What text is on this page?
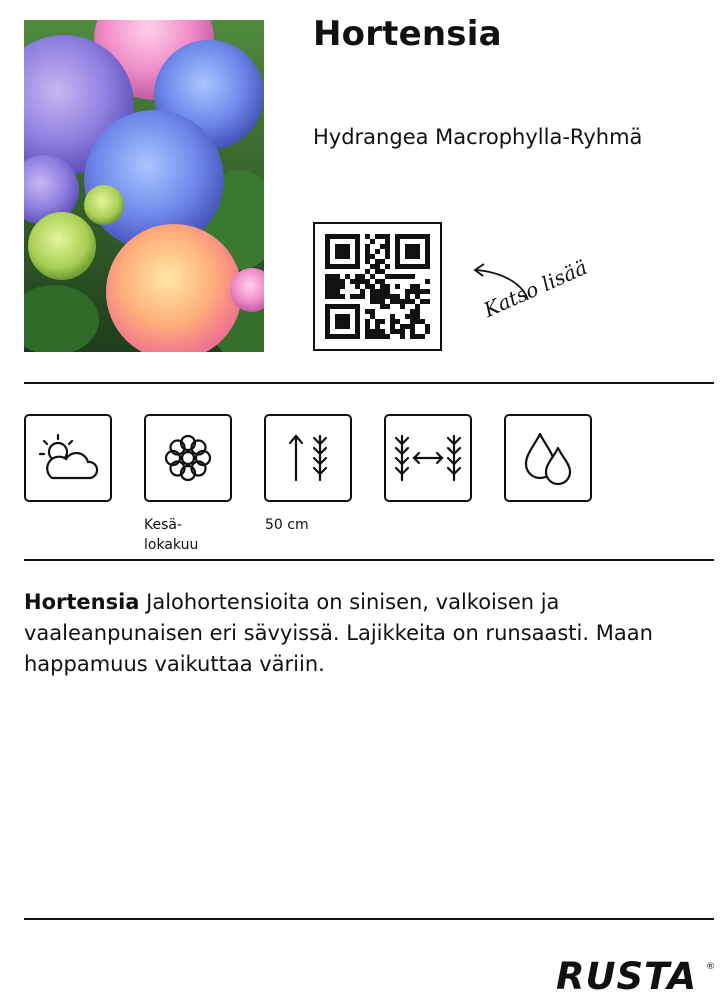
Hortensia
Hydrangea Macrophylla-Ryhmä
Katso lisää
Kesä-
lokakuu
50 cm

Hortensia Jalohortensioita on sinisen, valkoisen ja vaaleanpunaisen eri sävyissä. Lajikkeita on runsaasti. Maan happamuus vaikuttaa väriin.

RUSTA ®
